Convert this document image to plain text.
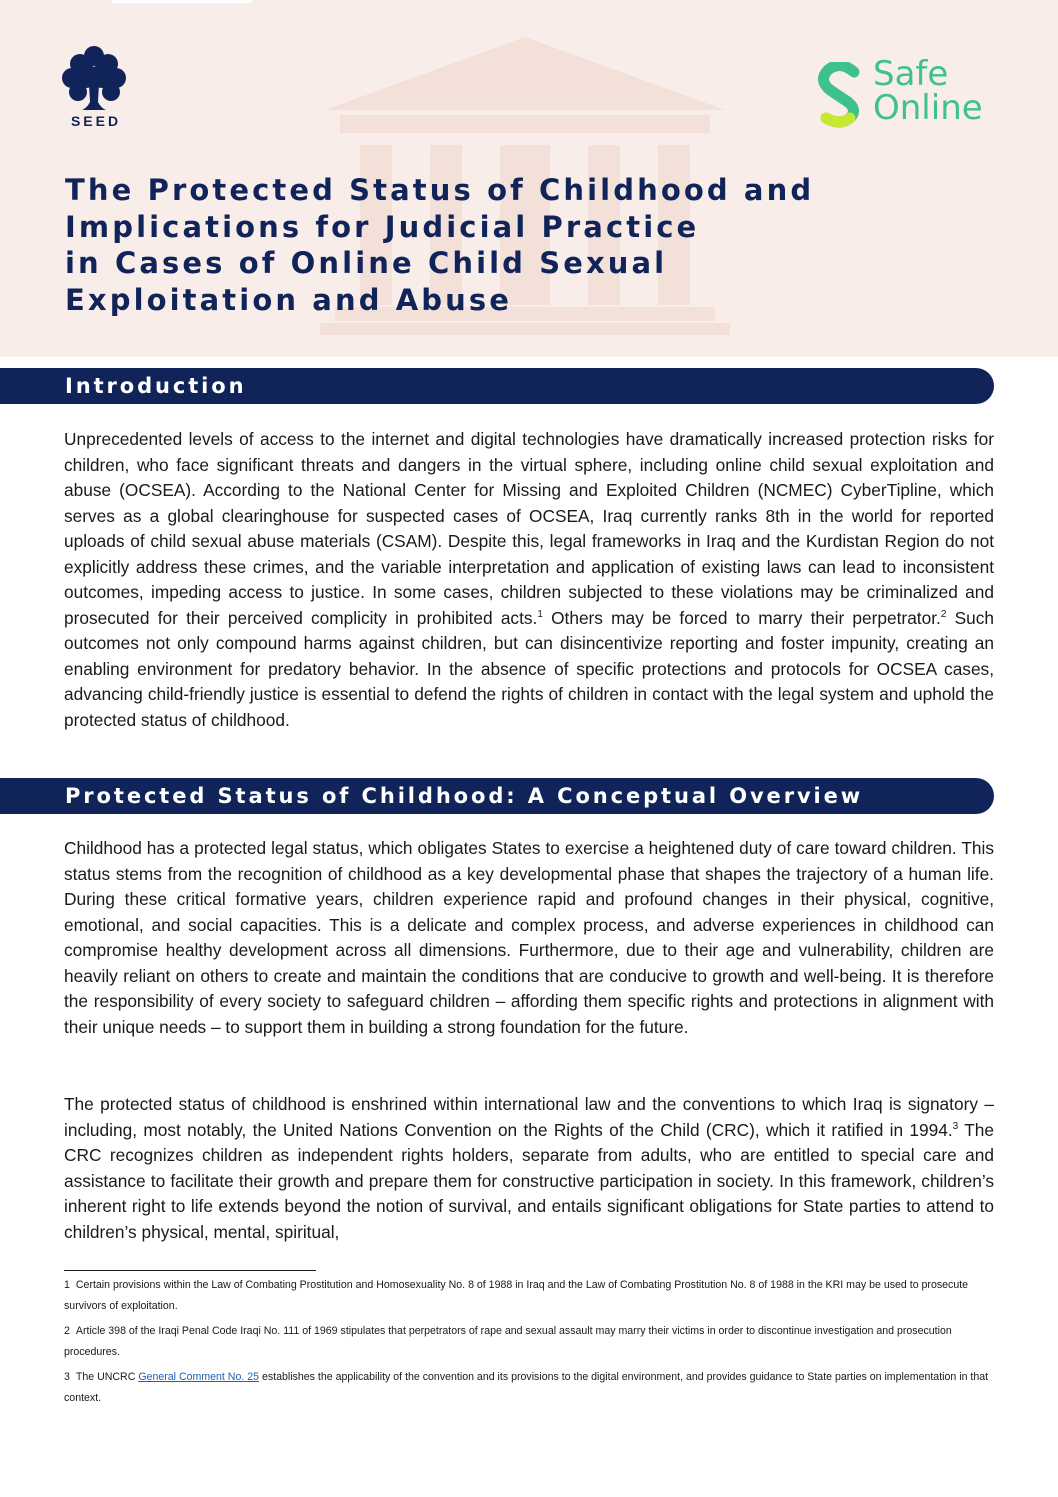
SEED
Safe
Online
The Protected Status of Childhood and
Implications for Judicial Practice
in Cases of Online Child Sexual
Exploitation and Abuse
Introduction

Unprecedented levels of access to the internet and digital technologies have dramatically increased protection risks for children, who face significant threats and dangers in the virtual sphere, including online child sexual exploitation and abuse (OCSEA). According to the National Center for Missing and Exploited Children (NCMEC) CyberTipline, which serves as a global clearinghouse for suspected cases of OCSEA, Iraq currently ranks 8th in the world for reported uploads of child sexual abuse materials (CSAM). Despite this, legal frameworks in Iraq and the Kurdistan Region do not explicitly address these crimes, and the variable interpretation and application of existing laws can lead to inconsistent outcomes, impeding access to justice. In some cases, children subjected to these violations may be criminalized and prosecuted for their perceived complicity in prohibited acts.$^1$ Others may be forced to marry their perpetrator.$^2$ Such outcomes not only compound harms against children, but can disincentivize reporting and foster impunity, creating an enabling environment for predatory behavior. In the absence of specific protections and protocols for OCSEA cases, advancing child-friendly justice is essential to defend the rights of children in contact with the legal system and uphold the protected status of childhood.

Protected Status of Childhood: A Conceptual Overview

Childhood has a protected legal status, which obligates States to exercise a heightened duty of care toward children. This status stems from the recognition of childhood as a key developmental phase that shapes the trajectory of a human life. During these critical formative years, children experience rapid and profound changes in their physical, cognitive, emotional, and social capacities. This is a delicate and complex process, and adverse experiences in childhood can compromise healthy development across all dimensions. Furthermore, due to their age and vulnerability, children are heavily reliant on others to create and maintain the conditions that are conducive to growth and well-being. It is therefore the responsibility of every society to safeguard children – affording them specific rights and protections in alignment with their unique needs – to support them in building a strong foundation for the future.

The protected status of childhood is enshrined within international law and the conventions to which Iraq is signatory – including, most notably, the United Nations Convention on the Rights of the Child (CRC), which it ratified in 1994.$^3$ The CRC recognizes children as independent rights holders, separate from adults, who are entitled to special care and assistance to facilitate their growth and prepare them for constructive participation in society. In this framework, children’s inherent right to life extends beyond the notion of survival, and entails significant obligations for State parties to attend to children’s physical, mental, spiritual,

1 Certain provisions within the Law of Combating Prostitution and Homosexuality No. 8 of 1988 in Iraq and the Law of Combating Prostitution No. 8 of 1988 in the KRI may be used to prosecute survivors of exploitation.

2 Article 398 of the Iraqi Penal Code Iraqi No. 111 of 1969 stipulates that perpetrators of rape and sexual assault may marry their victims in order to discontinue investigation and prosecution procedures.

3 The UNCRC General Comment No. 25 establishes the applicability of the convention and its provisions to the digital environment, and provides guidance to State parties on implementation in that context.
